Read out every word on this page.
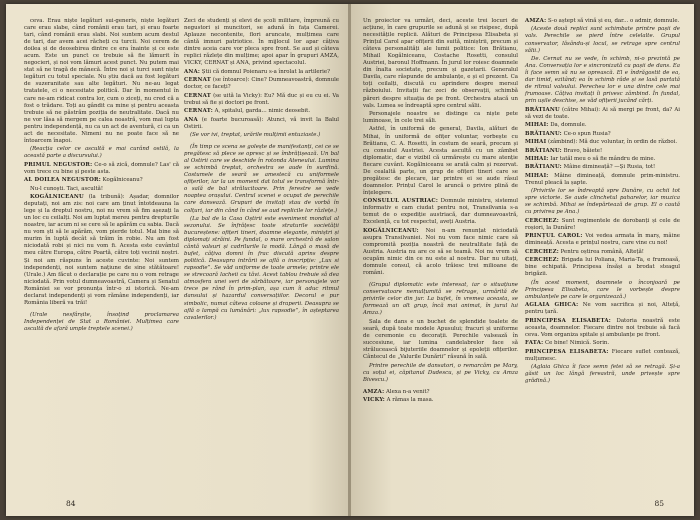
ceva. Erau niște legături sui-generis, niște legături care erau slabe, când românii erau tari, și erau foarte tari, când românii erau slabi. Noi suntem acum destul de tari, dar avem acei răcheți cu turcii. Noi cerem de doilea și de deosebirea dintre ce era înainte și ce este acum. Este un punct ce trebuie să fie lămurit în negocieri, și noi vom lămuri acest punct. Nu putem mai stat să ne tragă de mânecă. Între noi și turci sunt niște legături cu totul speciale. Nu știu dacă au fost legături de suzeranitate sau alte legături. Nu ne-au legat tratatele, ci o necesitate politică. Dar în momentul în care ne-am ridicat contra lor, cum o ziceți, nu cred că a fost o trădare. Toți au gândit ca mine și pentru aceasta trebuie să ne păstrăm poziția de neutralitate. Dacă nu ne vor lăsa să mergem pe calea noastră, vom mai lupta pentru independență, nu ca un act de aventură, ci ca un act de necesitate. Nimeni nu ne poate face să ne întoarcem înapoi.

(Reacția celor ce ascultă e mai curând ostilă, la această parte a discursului.)

PRIMUL NEGUSTOR: Ce-o să zică, domnule? Las' că vom trece cu bine și peste asta.

AL DOILEA NEGUSTOR: Kogălniceanu?

Nu-l cunoști. Taci, ascultă!

KOGĂLNICEANU (la tribună): Așadar, domnilor deputați, noi am zis: noi care am ținut întotdeauna la lege și la dreptul nostru, noi nu vrem să fim așezați la un loc cu ceilalți. Noi am luptat mereu pentru drepturile noastre, iar acum ni se cere să le apărăm cu sabia. Dacă nu vom ști să le apărăm, vom pierde totul. Mai bine să murim în luptă decât să trăim în robie. Nu am fost niciodată robi și nici nu vom fi. Acesta este cuvântul meu către Europa, către Poartă, către toți vecinii noștri. Și noi am răspuns în aceste cuvinte: Noi suntem independenți, noi suntem națiune de sine stătătoare! (Urale.) Am făcut o declarație pe care nu o vom retrage niciodată. Prin votul dumneavoastră, Camera și Senatul României se vor pronunța într-o zi istorică. Ne-am declarat independenți și vom rămâne independenți, iar România liberă va trăi!

(Urale nesfârșite, însoțind proclamarea Independenței de Stat a României. Mulțimea care ascultă de afară umple treptele scenei.)

Zeci de studenți și elevi de școli militare, împreună cu negustori și muncitori, se adună în fața Camerei. Aplauze necontenite, flori aruncate, mulțimea care cântă imnuri patriotice. În mijlocul lor apar câțiva dintre aceia care vor pleca spre front. Se aud și câteva replici răzlețe din mulțime; apoi apar în grupuri AMZA, VICKY, CERNAT și ANA, privind spectacolul.

ANA: Știi că domnul Poienaru s-a înrolat la artilerie?

CERNAT (se întoarce): Cine? Dumneavoastră, domnule doctor, ce faceți?

CERNAT (se uită la Vicky): Eu? Mă duc și eu cu ei. Va trebui să fie și doctori pe front.

CERNAT: A, spitalul, garda... nimic deosebit.

ANA (e foarte bucuroasă): Atunci, vă invit la Balul Ostirii.

(Se vor ivi, treptat, urările mulțimii entuziaste.)

(În timp ce scena se golește de manifestanți, cei ce se pregătesc să plece se opresc și se îmbrățișează. Un bal al Ostirii care se deschide în rotonda Ateneului. Lumina se schimbă treptat, orchestra se aude în surdină. Costumele de seară se amestecă cu uniformele ofițerilor, iar la un moment dat totul se transformă într-o sală de bal strălucitoare. Prin ferestre se vede noaptea orașului. Centrul scenei e ocupat de perechile care dansează. Grupuri de invitați stau de vorbă în colțuri, iar din când în când se aud replicile lor răzlețe.)

(La bal de la Casa Oștirii este eveniment mondial al sezonului. Se înfrățesc toate straturile societății bucureștene: ofițeri tineri, doamne elegante, miniștri și diplomați străini. Pe fundal, o mare orchestră de salon cântă valsuri și cadrilurile la modă. Lângă o masă de bufet, câțiva domni în frac discută aprins despre politică. Deasupra intrării se află o inscripție: „Lux si rapsodie”. Se văd uniforme de toate armele; printre ele se strecoară lacheii cu tăvi. Acest tablou trebuie să dea atmosfera unei seri de sărbătoare, iar personajele vor trece pe rând în prim-plan, așa cum îi aduc ritmul dansului și hazardul conversațiilor. Decorul e pur simbolic, numai câteva coloane și draperii. Deasupra se află o lampă cu lumânări: „lux rapsodie”, în așteptarea cavalerilor.)

84

Un proiector va urmări, deci, aceste trei locuri de acțiune, în care grupurile se adună și se risipesc, după necesitățile replicii. Alături de Principesa Elisabeta și Prințul Carol apar ofițerii din suită, miniștrii, precum și câteva personalități ale lumii politice: Ion Brătianu, Mihail Kogălniceanu, Costache Rosetti, consulul Austriei, baronul Hoffmann. În jurul lor roiesc doamnele din înalta societate, precum și gazetarii. Generalul Davila, care răspunde de ambulanțe, e și el prezent. Ca toți ceilalți, discută cu aprindere despre mersul războiului. Invitații fac zeci de observații, schimbă păreri despre situația de pe front. Orchestra atacă un vals. Lumea se îndreaptă spre centrul sălii.

Personajele noastre se distinge ca niște pete luminoase, în cele trei săli.

Astfel, în uniformă de general, Davila, alături de Mihai, în uniformă de ofițer voluntar, vorbește cu Brătianu, C. A. Rosetti, în costum de seară, precum și cu consulul Austriei. Acesta ascultă cu un zâmbet diplomatic, dar e vizibil că urmărește cu mare atenție fiecare cuvânt. Kogălniceanu se arată calm și rezervat. De cealaltă parte, un grup de ofițeri tineri care se pregătesc de plecare, iar printre ei se aude râsul doamnelor. Prințul Carol le aruncă o privire plină de înțelegere.

CONSULUL AUSTRIAC: Domnule ministru, sistemul informativ e cam ciudat pentru noi, Transilvania s-a temut de o expediție austriacă, dar dumneavoastră, Excelență, cu tot respectul, aveți Austria.

KOGĂLNICEANU: Noi n-am renunțat niciodată asupra Transilvaniei. Noi nu vom face nimic care să compromită poziția noastră de neutralitate față de Austria. Austria nu are ce să se teamă. Noi nu vrem să ocupăm nimic din ce nu este al nostru. Dar nu uitați, domnule consul, că acolo trăiesc trei milioane de români.

(Grupul diplomatic este interesat, iar o situațiune conservatoare nemulțumită se retrage, urmărită de privirile celor din jur. La bufet, în vremea aceasta, se formează un alt grup, încă mai animat, în jurul lui Amza.)

Sala de dans e un buchet de splendide toalete de seară, după toate modele Apusului; fracuri și uniforme de ceremonie cu decorații. Perechile valsează în succesiune, iar lumina candelabrelor face să strălucească bijuteriile doamnelor și epoleții ofițerilor. Cântecul de „Valurile Dunării” răsună în sală.

Printre perechile de dansatori, o remarcăm pe Mary, cu soțul ei, căpitanul Dudescu, și pe Vicky, cu Amza Bivescu.)

AMZA: Alexa n-a venit?

VICKY: A rămas la masa.

AMZA: S-o aștept să vină și eu, dar... o admir, domnule.

(Aceste două replici sunt schimbate printre pașii de vals. Perechile se pierd între celelalte. Grupul conservator, lăsându-și locul, se retrage spre centrul sălii.)

De. Cernat nu se vede, în schimb, ni-o prezintă pe Ana. Conversația lor e sincronizată cu pașii de dans. Ea îi face semn să nu se oprească. El e îndrăgostit de ea, dar timid, ezitând; ea în schimb râde și se lasă purtată de ritmul valsului. Perechea lor e una dintre cele mai frumoase. Câțiva invitați îi privesc zâmbind. În fundal, prin ușile deschise, se văd ofițerii jucând cărți.

BRĂTIANU (către Mihai): Ai să mergi pe front, da? Ai să vezi de toate.

MIHAI: Da, domnule.

BRĂTIANU: Ce-o spun Rusia?

MIHAI (zâmbind): Mă duc voluntar, în ordin de război.

BRĂTIANU: Bravo, băiete!

MIHAI: Iar tatăl meu o să fie mândru de mine.

BRĂTIANU: Mâine dimineață? —Și Rusia, tot!

MIHAI: Mâine dimineață, domnule prim-ministru. Trenul pleacă la șapte.

(Privirile lor se îndreaptă spre Dunăre, cu ochii tot spre victorie. Se aude clinchetul paharelor, iar muzica se schimbă. Mihai se îndepărtează de grup. El o caută cu privirea pe Ana.)

CERCHEZ: Sunt regimentele de dorobanți și cele de roșiori, la Dunăre!

PRINȚUL CAROL: Voi vedea armata în marș, mâine dimineață. Acesta e prințul nostru, care vine cu noi!

CERCHEZ: Pentru oștirea română, Alteță!

CERCHEZ: Brigada lui Poliana, Maria-Ta, e frumoasă, bine echipată. Principesa însăși a brodat steagul brigăzii.

(În acest moment, doamnele o înconjoară pe Principesa Elisabeta, care le vorbește despre ambulanțele pe care le organizează.)

AGLAIA GHICA: Ne vom sacrifica și noi, Alteță, pentru țară.

PRINCIPESA ELISABETA: Datoria noastră este aceasta, doamnelor. Fiecare dintre noi trebuie să facă ceva. Vom organiza spitale și ambulanțe pe front.

FATA: Ce bine! Nimică. Sorin.

PRINCIPESA ELISABETA: Fiecare suflet contează, mulțumesc.

(Aglaia Ghica îi face semn fetei să se retragă. Și-a găsit un loc lângă fereastră, unde privește spre grădină.)

85
